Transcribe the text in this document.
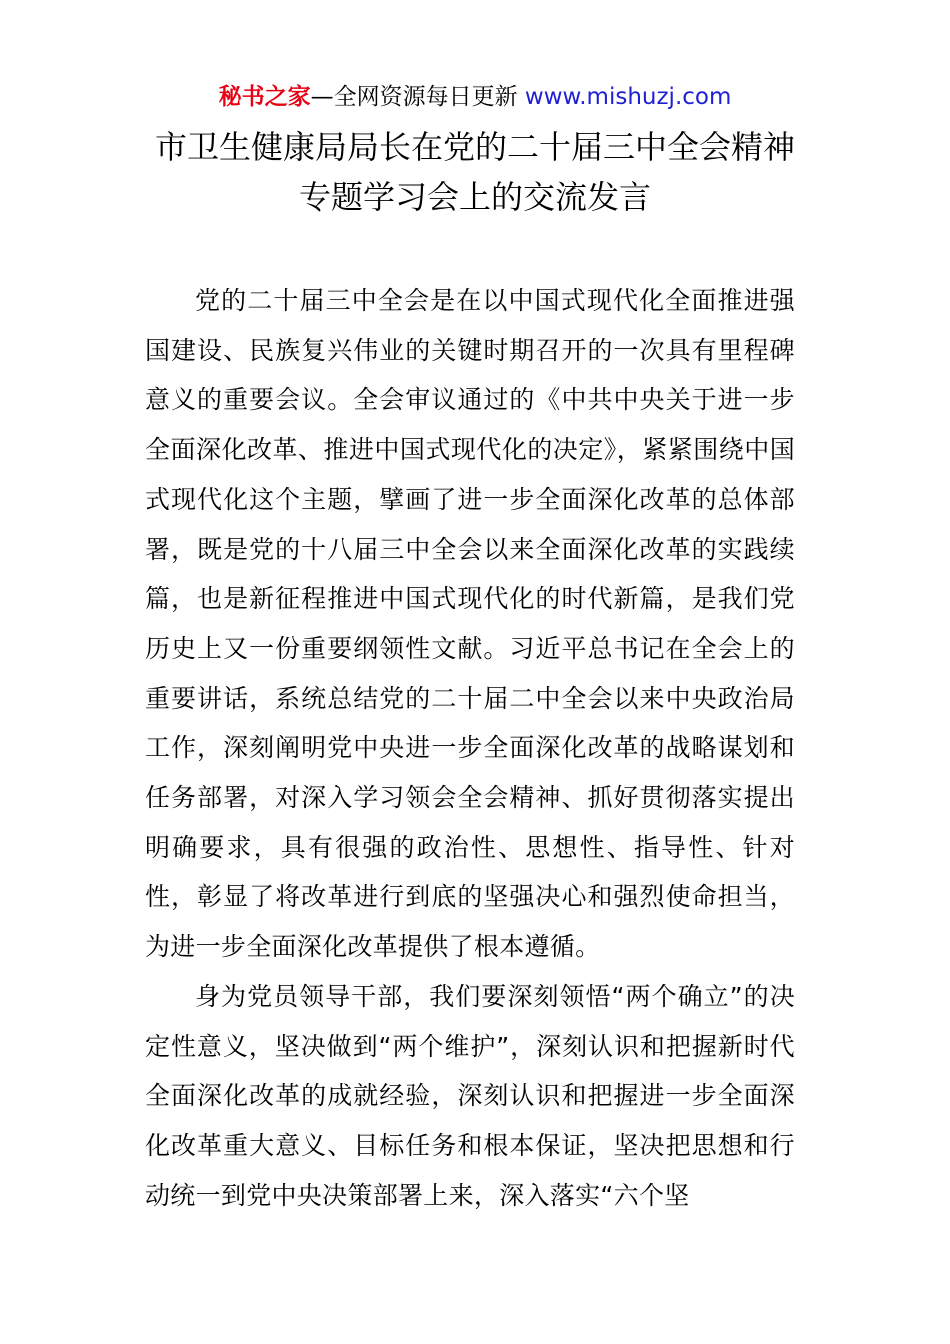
秘书之家—全网资源每日更新 www.mishuzj.com
市卫生健康局局长在党的二十届三中全会精神
专题学习会上的交流发言

党的二十届三中全会是在以中国式现代化全面推进强国建设、民族复兴伟业的关键时期召开的一次具有里程碑意义的重要会议。全会审议通过的《中共中央关于进一步全面深化改革、推进中国式现代化的决定》，紧紧围绕中国式现代化这个主题，擘画了进一步全面深化改革的总体部署，既是党的十八届三中全会以来全面深化改革的实践续篇，也是新征程推进中国式现代化的时代新篇，是我们党历史上又一份重要纲领性文献。习近平总书记在全会上的重要讲话，系统总结党的二十届二中全会以来中央政治局工作，深刻阐明党中央进一步全面深化改革的战略谋划和任务部署，对深入学习领会全会精神、抓好贯彻落实提出明确要求，具有很强的政治性、思想性、指导性、针对性，彰显了将改革进行到底的坚强决心和强烈使命担当，为进一步全面深化改革提供了根本遵循。

身为党员领导干部，我们要深刻领悟“两个确立”的决定性意义，坚决做到“两个维护”，深刻认识和把握新时代全面深化改革的成就经验，深刻认识和把握进一步全面深化改革重大意义、目标任务和根本保证，坚决把思想和行动统一到党中央决策部署上来，深入落实“六个坚
